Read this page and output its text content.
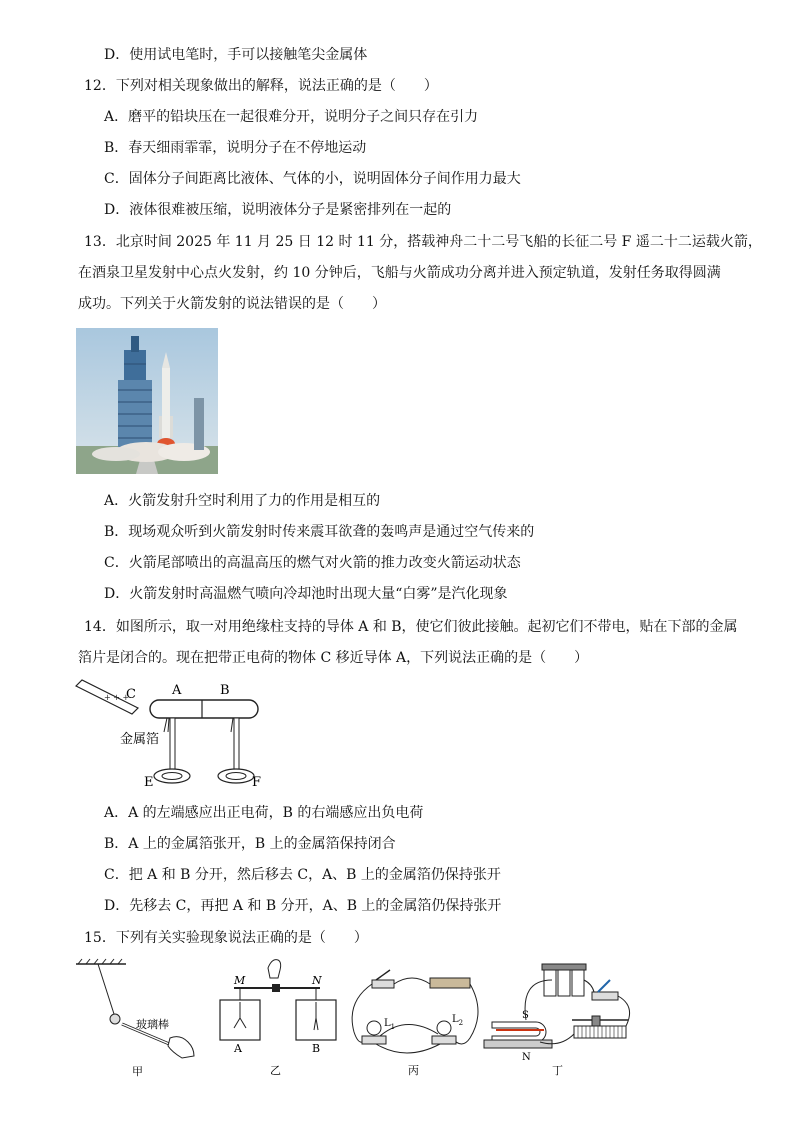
D．使用试电笔时，手可以接触笔尖金属体
12．下列对相关现象做出的解释，说法正确的是（　　）
A．磨平的铅块压在一起很难分开，说明分子之间只存在引力
B．春天细雨霏霏，说明分子在不停地运动
C．固体分子间距离比液体、气体的小，说明固体分子间作用力最大
D．液体很难被压缩，说明液体分子是紧密排列在一起的
13．北京时间 2025 年 11 月 25 日 12 时 11 分，搭载神舟二十二号飞船的长征二号 F 遥二十二运载火箭，
在酒泉卫星发射中心点火发射，约 10 分钟后，飞船与火箭成功分离并进入预定轨道，发射任务取得圆满
成功。下列关于火箭发射的说法错误的是（　　）
A．火箭发射升空时利用了力的作用是相互的
B．现场观众听到火箭发射时传来震耳欲聋的轰鸣声是通过空气传来的
C．火箭尾部喷出的高温高压的燃气对火箭的推力改变火箭运动状态
D．火箭发射时高温燃气喷向冷却池时出现大量“白雾”是汽化现象
14．如图所示，取一对用绝缘柱支持的导体 A 和 B，使它们彼此接触。起初它们不带电，贴在下部的金属
箔片是闭合的。现在把带正电荷的物体 C 移近导体 A，下列说法正确的是（　　）
+ + +
C	A	B
金属箔
E	F
A．A 的左端感应出正电荷，B 的右端感应出负电荷
B．A 上的金属箔张开，B 上的金属箔保持闭合
C．把 A 和 B 分开，然后移去 C，A、B 上的金属箔仍保持张开
D．先移去 C，再把 A 和 B 分开，A、B 上的金属箔仍保持张开
15．下列有关实验现象说法正确的是（　　）
玻璃棒
甲
M	N
A	B
乙
$L_1$
$L_2$
丙
S
N
丁
